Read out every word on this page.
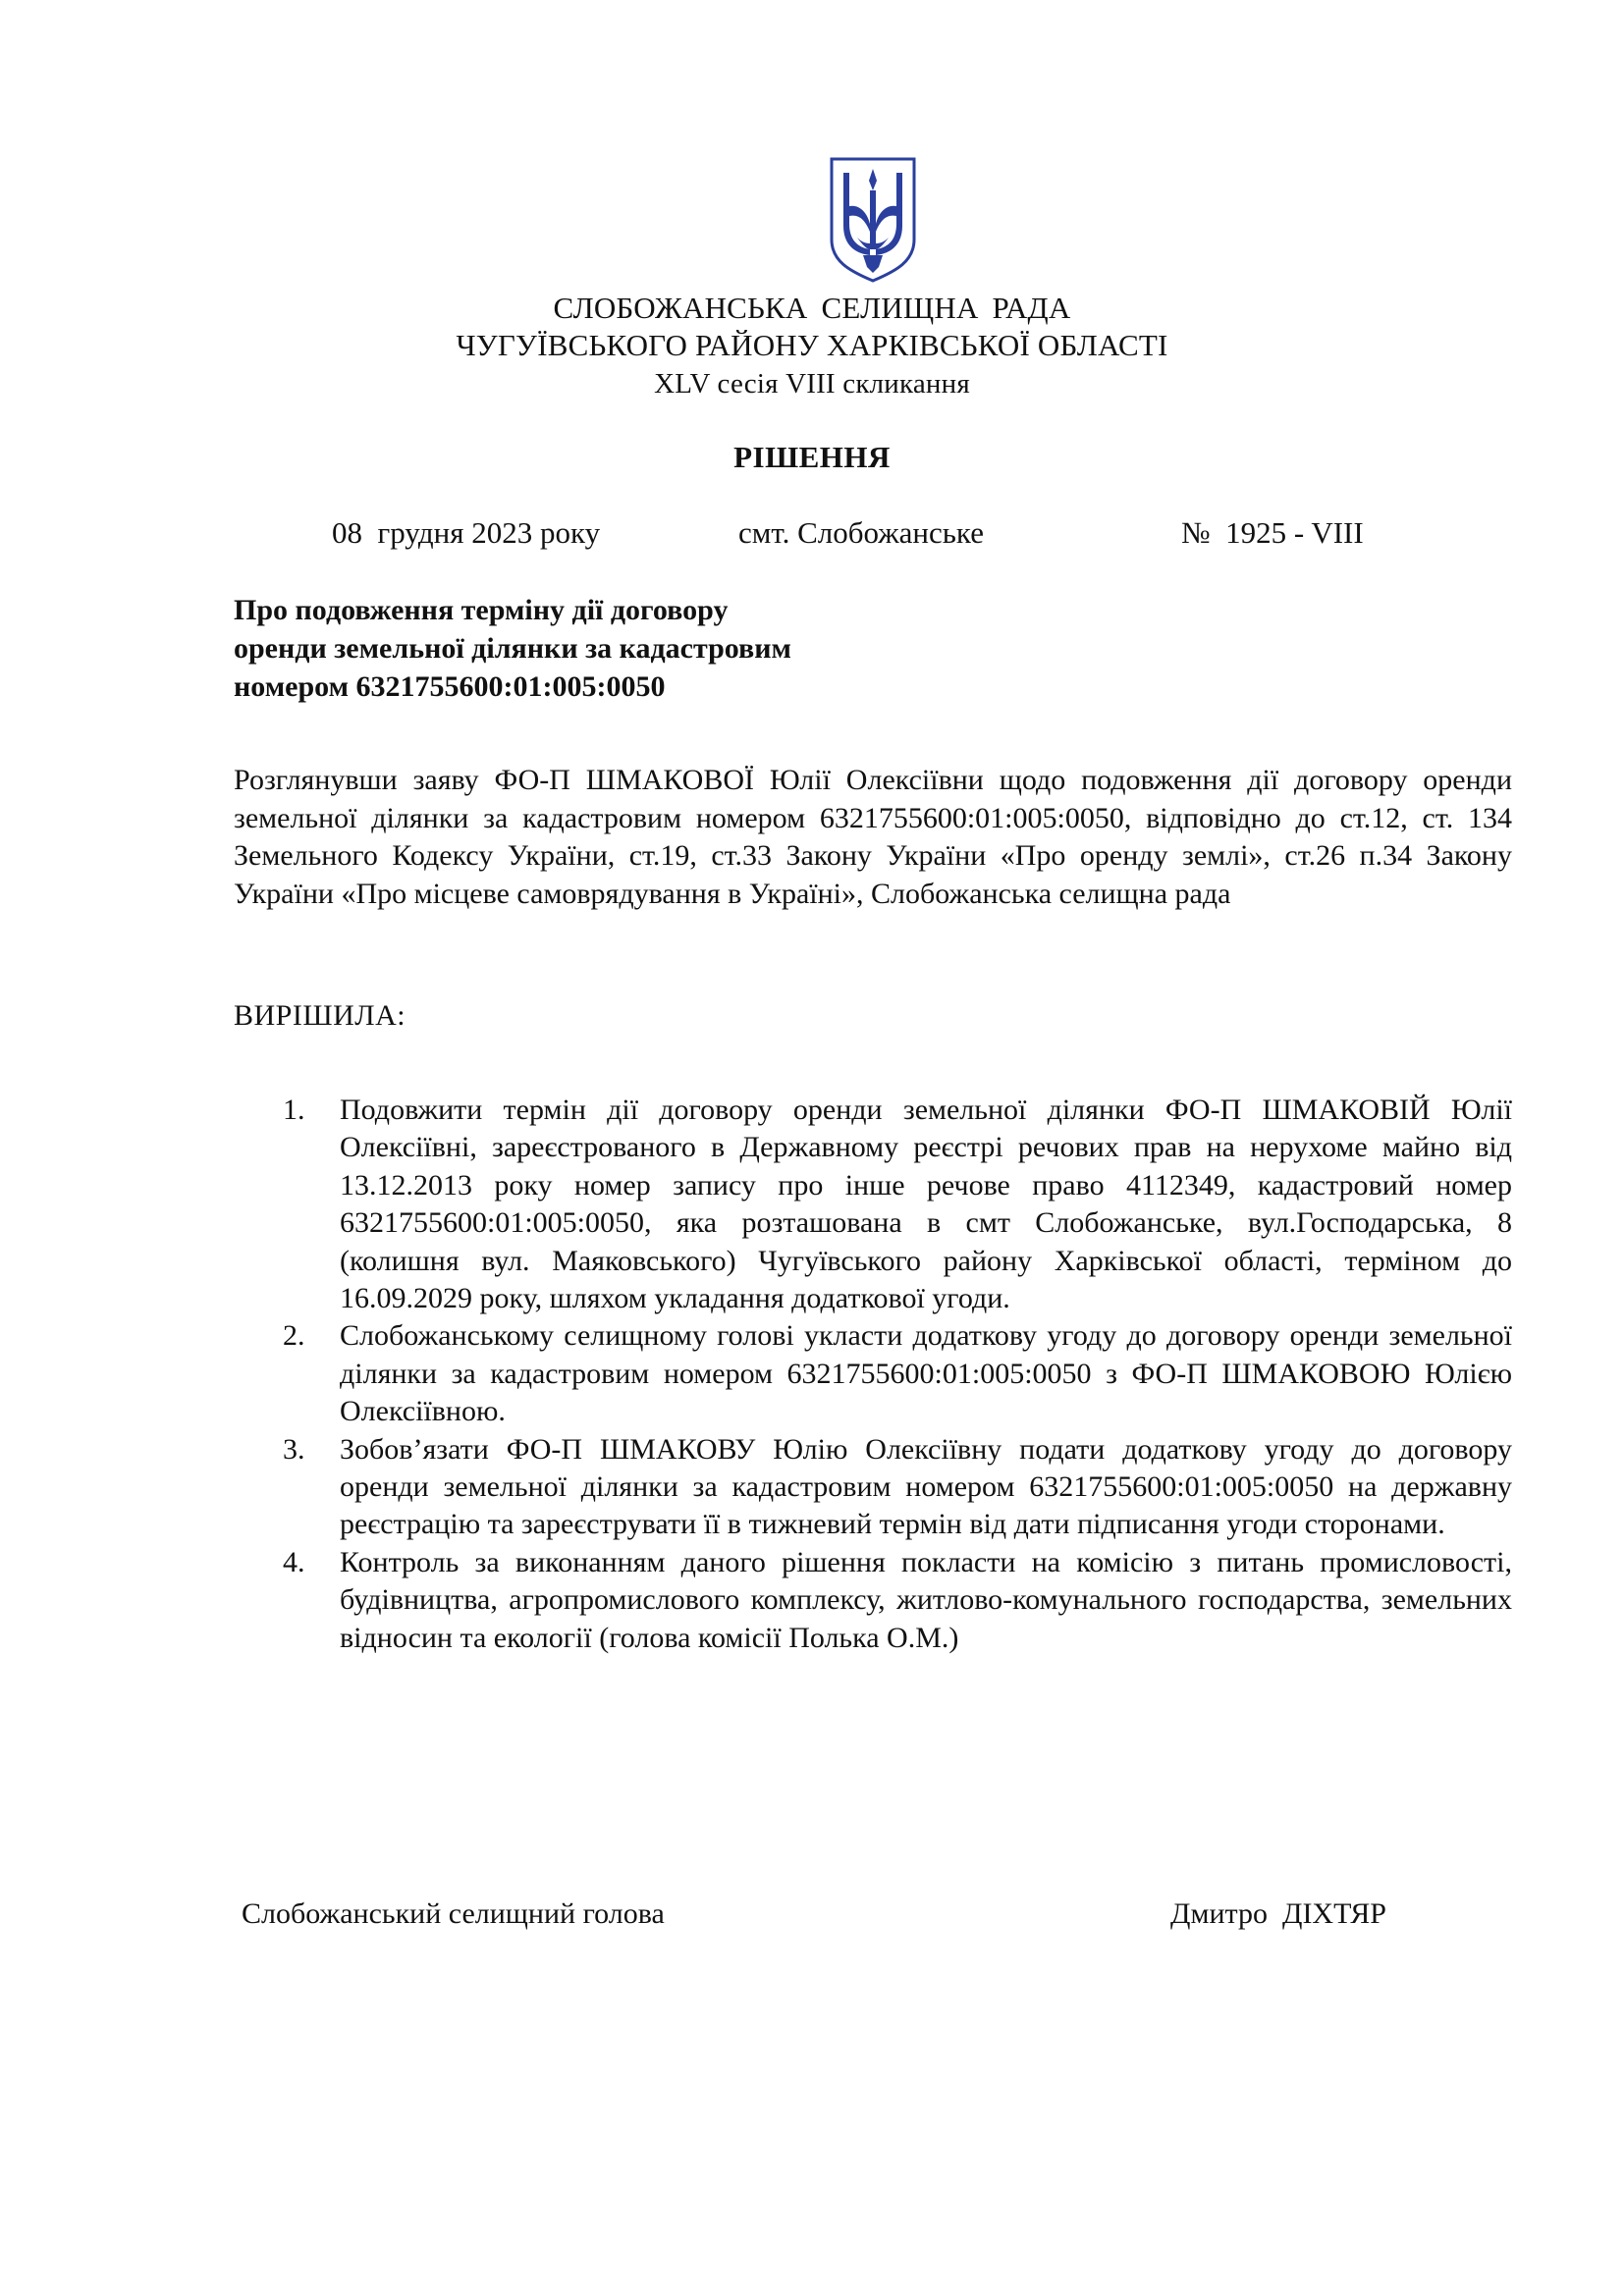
СЛОБОЖАНСЬКА СЕЛИЩНА РАДА
ЧУГУЇВСЬКОГО РАЙОНУ ХАРКІВСЬКОЇ ОБЛАСТІ
XLV сесія VIII скликання
РІШЕННЯ
08  грудня 2023 року	смт. Слобожанське	№  1925 - VIII
Про подовження терміну дії договору
оренди земельної ділянки за кадастровим
номером 6321755600:01:005:0050
Розглянувши заяву ФО-П ШМАКОВОЇ Юлії Олексіївни щодо подовження дії договору оренди земельної ділянки за кадастровим номером 6321755600:01:005:0050, відповідно до ст.12, ст. 134 Земельного Кодексу України, ст.19, ст.33 Закону України «Про оренду землі», ст.26 п.34 Закону України «Про місцеве самоврядування в Україні», Слобожанська селищна рада
ВИРІШИЛА:
1. Подовжити термін дії договору оренди земельної ділянки ФО-П ШМАКОВІЙ Юлії Олексіївні, зареєстрованого в Державному реєстрі речових прав на нерухоме майно від 13.12.2013 року номер запису про інше речове право 4112349, кадастровий номер 6321755600:01:005:0050, яка розташована в смт Слобожанське, вул.Господарська, 8 (колишня вул. Маяковського) Чугуївського району Харківської області, терміном до 16.09.2029 року, шляхом укладання додаткової угоди.
2. Слобожанському селищному голові укласти додаткову угоду до договору оренди земельної ділянки за кадастровим номером 6321755600:01:005:0050 з ФО-П ШМАКОВОЮ Юлією Олексіївною.
3. Зобов’язати ФО-П ШМАКОВУ Юлію Олексіївну подати додаткову угоду до договору оренди земельної ділянки за кадастровим номером 6321755600:01:005:0050 на державну реєстрацію та зареєструвати її в тижневий термін від дати підписання угоди сторонами.
4. Контроль за виконанням даного рішення покласти на комісію з питань промисловості, будівництва, агропромислового комплексу, житлово-комунального господарства, земельних відносин та екології (голова комісії Полька О.М.)
Слобожанський селищний голова	Дмитро  ДІХТЯР
